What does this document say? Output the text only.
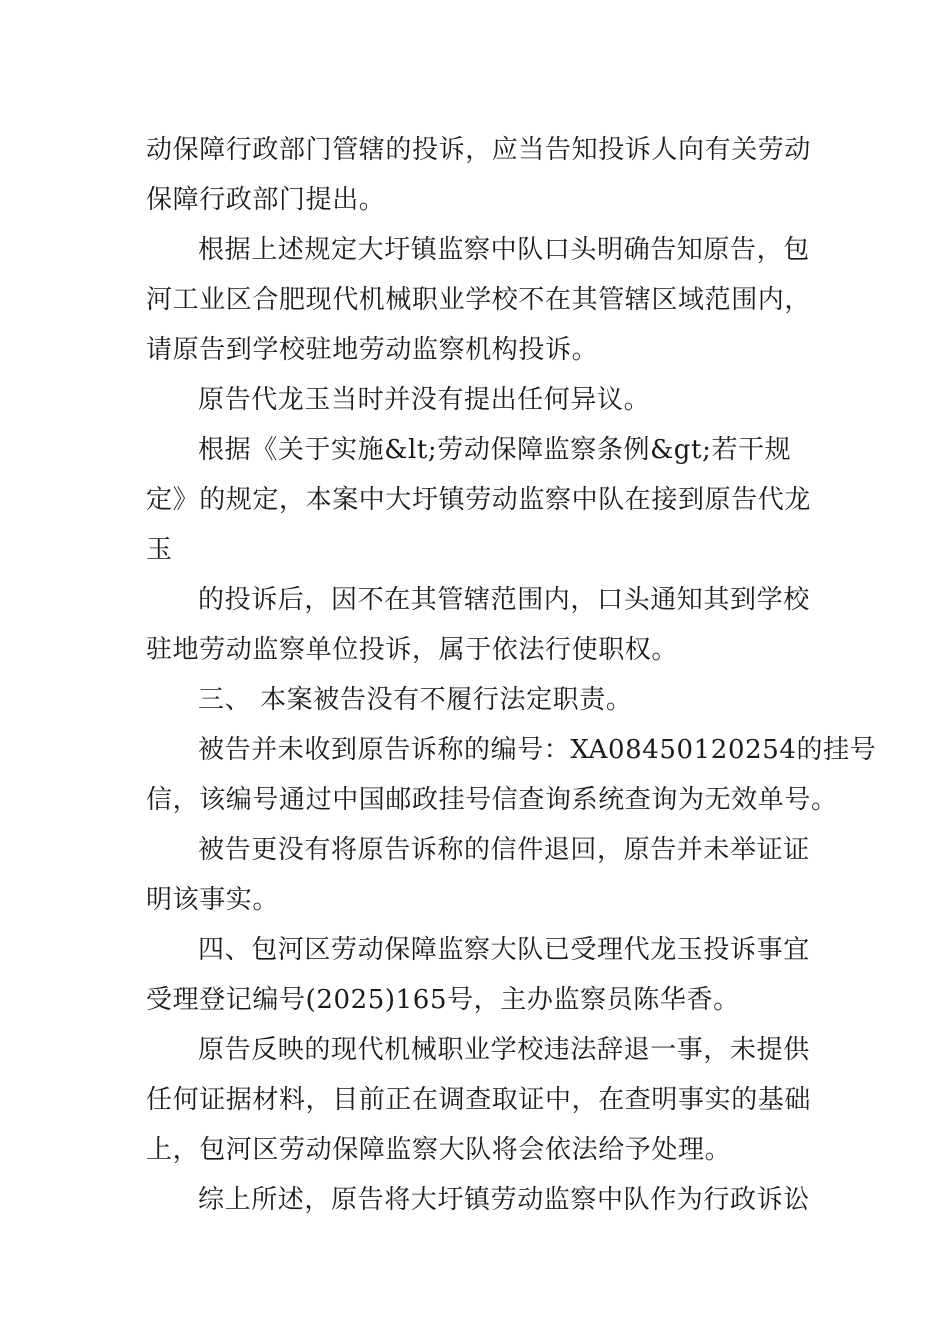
动保障行政部门管辖的投诉，应当告知投诉人向有关劳动
保障行政部门提出。
根据上述规定大圩镇监察中队口头明确告知原告，包
河工业区合肥现代机械职业学校不在其管辖区域范围内，
请原告到学校驻地劳动监察机构投诉。
原告代龙玉当时并没有提出任何异议。
根据《关于实施&lt;劳动保障监察条例&gt;若干规
定》的规定，本案中大圩镇劳动监察中队在接到原告代龙
玉
的投诉后，因不在其管辖范围内，口头通知其到学校
驻地劳动监察单位投诉，属于依法行使职权。
三、 本案被告没有不履行法定职责。
被告并未收到原告诉称的编号：XA08450120254的挂号
信，该编号通过中国邮政挂号信查询系统查询为无效单号。
被告更没有将原告诉称的信件退回，原告并未举证证
明该事实。
四、包河区劳动保障监察大队已受理代龙玉投诉事宜
受理登记编号(2025)165号，主办监察员陈华香。
原告反映的现代机械职业学校违法辞退一事，未提供
任何证据材料，目前正在调查取证中，在查明事实的基础
上，包河区劳动保障监察大队将会依法给予处理。
综上所述，原告将大圩镇劳动监察中队作为行政诉讼
